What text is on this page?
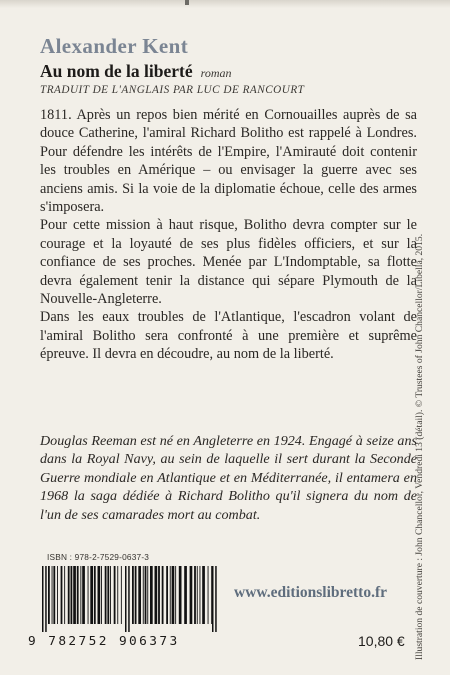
Alexander Kent
Au nom de la liberté roman
TRADUIT DE L'ANGLAIS PAR LUC DE RANCOURT

1811. Après un repos bien mérité en Cornouailles auprès de sa douce Catherine, l'amiral Richard Bolitho est rappelé à Londres. Pour défendre les intérêts de l'Empire, l'Amirauté doit contenir les troubles en Amérique – ou envisager la guerre avec ses anciens amis. Si la voie de la diplomatie échoue, celle des armes s'imposera.

Pour cette mission à haut risque, Bolitho devra compter sur le courage et la loyauté de ses plus fidèles officiers, et sur la confiance de ses proches. Menée par L'Indomptable, sa flotte devra également tenir la distance qui sépare Plymouth de la Nouvelle-Angleterre.

Dans les eaux troubles de l'Atlantique, l'escadron volant de l'amiral Bolitho sera confronté à une première et suprême épreuve. Il devra en découdre, au nom de la liberté.

Douglas Reeman est né en Angleterre en 1924. Engagé à seize ans dans la Royal Navy, au sein de laquelle il sert durant la Seconde Guerre mondiale en Atlantique et en Méditerranée, il entamera en 1968 la saga dédiée à Richard Bolitho qu'il signera du nom de l'un de ses camarades mort au combat.	Illustration de couverture : John Chancellor, Vendredi 13 (détail). © Trustees of John Chancellor/Libella, 2015.
ISBN : 978-2-7529-0637-3
www.editionslibretto.fr
9 782752 906373	10,80 €
